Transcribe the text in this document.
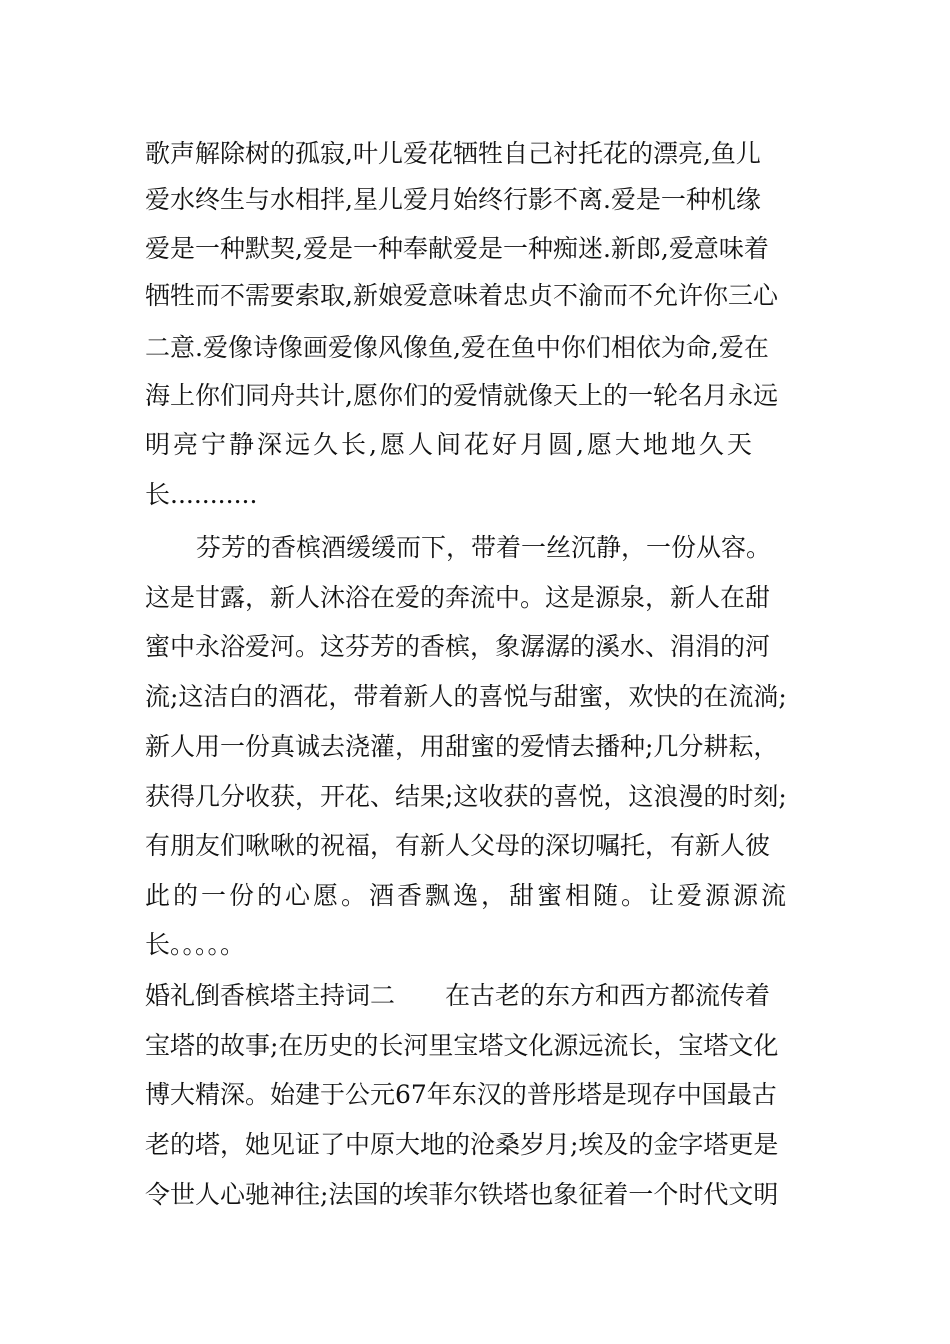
歌声解除树的孤寂,叶儿爱花牺牲自己衬托花的漂亮,鱼儿
爱水终生与水相拌,星儿爱月始终行影不离.爱是一种机缘
爱是一种默契,爱是一种奉献爱是一种痴迷.新郎,爱意味着
牺牲而不需要索取,新娘爱意味着忠贞不渝而不允许你三心
二意.爱像诗像画爱像风像鱼,爱在鱼中你们相依为命,爱在
海上你们同舟共计,愿你们的爱情就像天上的一轮名月永远
明亮宁静深远久长,愿人间花好月圆,愿大地地久天
长...........
芬芳的香槟酒缓缓而下，带着一丝沉静，一份从容。
这是甘露，新人沐浴在爱的奔流中。这是源泉，新人在甜
蜜中永浴爱河。这芬芳的香槟，象潺潺的溪水、涓涓的河
流;这洁白的酒花，带着新人的喜悦与甜蜜，欢快的在流淌;
新人用一份真诚去浇灌，用甜蜜的爱情去播种;几分耕耘，
获得几分收获，开花、结果;这收获的喜悦，这浪漫的时刻;
有朋友们啾啾的祝福，有新人父母的深切嘱托，有新人彼
此的一份的心愿。酒香飘逸，甜蜜相随。让爱源源流
长。。。。。
婚礼倒香槟塔主持词二　　在古老的东方和西方都流传着
宝塔的故事;在历史的长河里宝塔文化源远流长，宝塔文化
博大精深。始建于公元67年东汉的普彤塔是现存中国最古
老的塔，她见证了中原大地的沧桑岁月;埃及的金字塔更是
令世人心驰神往;法国的埃菲尔铁塔也象征着一个时代文明
